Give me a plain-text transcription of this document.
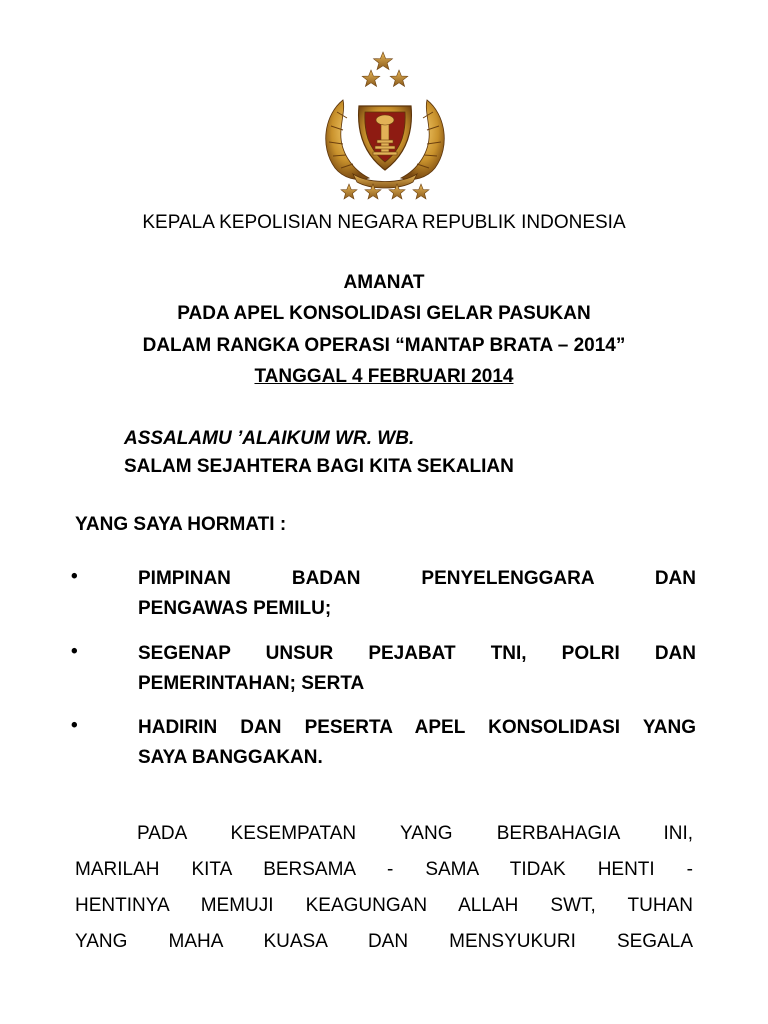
KEPALA KEPOLISIAN NEGARA REPUBLIK INDONESIA
AMANAT
PADA APEL KONSOLIDASI GELAR PASUKAN
DALAM RANGKA OPERASI “MANTAP BRATA – 2014”
TANGGAL 4 FEBRUARI 2014
ASSALAMU ’ALAIKUM WR. WB.
SALAM SEJAHTERA BAGI KITA SEKALIAN
YANG SAYA HORMATI :
•	PIMPINAN BADAN PENYELENGGARA DAN
PENGAWAS PEMILU;
•	SEGENAP UNSUR PEJABAT TNI, POLRI DAN
PEMERINTAHAN; SERTA
•	HADIRIN DAN PESERTA APEL KONSOLIDASI YANG
SAYA BANGGAKAN.
PADA KESEMPATAN YANG BERBAHAGIA INI,
MARILAH KITA BERSAMA - SAMA TIDAK HENTI -
HENTINYA MEMUJI KEAGUNGAN ALLAH SWT, TUHAN
YANG MAHA KUASA DAN MENSYUKURI SEGALA
